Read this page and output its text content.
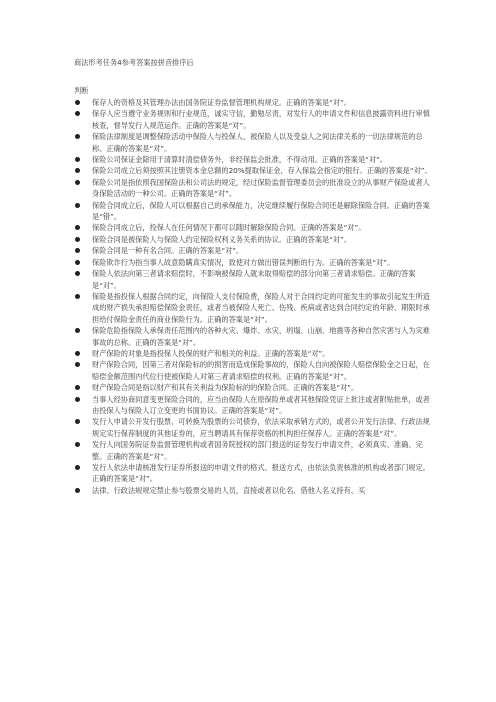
商法形考任务4参考答案按拼音排序后
判断
保存人的资格及其管理办法由国务院证券监督管理机构规定。正确的答案是“对”。
保存人应当遵守业务规则和行业规范，诚实守信，勤勉尽责，对发行人的申请文件和信息披露资料进行审慎核查，督导发行人规范运作。正确的答案是“对”。
保险法律制度是调整保险活动中保险人与投保人、被保险人以及受益人之间法律关系的一切法律规范的总称。正确的答案是“对”。
保险公司保证金除用于清算时清偿债务外，非经保监会批准，不得动用。正确的答案是“对”。
保险公司成立后须按照其注册资本金总额的20%提取保证金，存入保监会指定的银行。正确的答案是“对”。
保险公司是指依照我国保险法和公司法的规定，经过保险监督管理委员会的批准设立的从事财产保险或者人身保险活动的一种公司。正确的答案是“对”。
保险合同成立后，保险人可以根据自己的承保能力，决定继续履行保险合同还是解除保险合同。正确的答案是“错”。
保险合同成立后，投保人在任何情况下都可以随时解除保险合同。正确的答案是“对”。
保险合同是被保险人与保险人约定保险权利义务关系的协议。正确的答案是“对”。
保险合同是一种有名合同。正确的答案是“对”。
保险欺诈行为指当事人故意隐瞒真实情况，致使对方做出错误判断的行为。正确的答案是“对”。
保险人依法向第三者请求赔偿时，不影响被保险人就未取得赔偿的部分向第三者请求赔偿。正确的答案是“对”。
保险是指投保人根据合同约定，向保险人支付保险费，保险人对于合同约定的可能发生的事故引起发生所造成的财产损失承担赔偿保险金责任，或者当被保险人死亡、伤残、疾病或者达到合同约定的年龄、期限时承担给付保险金责任的商业保险行为。正确的答案是“对”。
保险危险指保险人承保责任范围内的各种火灾、爆炸、水灾、坍塌、山崩、地震等各种自然灾害与人为灾难事故的总称。正确的答案是“对”。
财产保险的对象是指投保人投保的财产和相关的利益。正确的答案是“对”。
财产保险合同，因第三者对保险标的的损害而造成保险事故的，保险人自向被保险人赔偿保险金之日起，在赔偿金额范围内代位行使被保险人对第三者请求赔偿的权利。正确的答案是“对”。
财产保险合同是指以财产和其有关利益为保险标的的保险合同。正确的答案是“对”。
当事人经协商同意变更保险合同的，应当由保险人在原保险单或者其他保险凭证上批注或者附贴批单，或者由投保人与保险人订立变更的书面协议。正确的答案是“对”。
发行人申请公开发行股票、可转换为股票的公司债券，依法采取承销方式的，或者公开发行法律、行政法规规定实行保荐制度的其他证券的，应当聘请具有保荐资格的机构担任保荐人。正确的答案是“对”。
发行人向国务院证券监督管理机构或者国务院授权的部门报送的证券发行申请文件，必须真实、准确、完整。正确的答案是“对”。
发行人依法申请核准发行证券所报送的申请文件的格式、报送方式，由依法负责核准的机构或者部门规定。正确的答案是“对”。
法律、行政法规规定禁止参与股票交易的人员，直接或者以化名、借他人名义持有、买
